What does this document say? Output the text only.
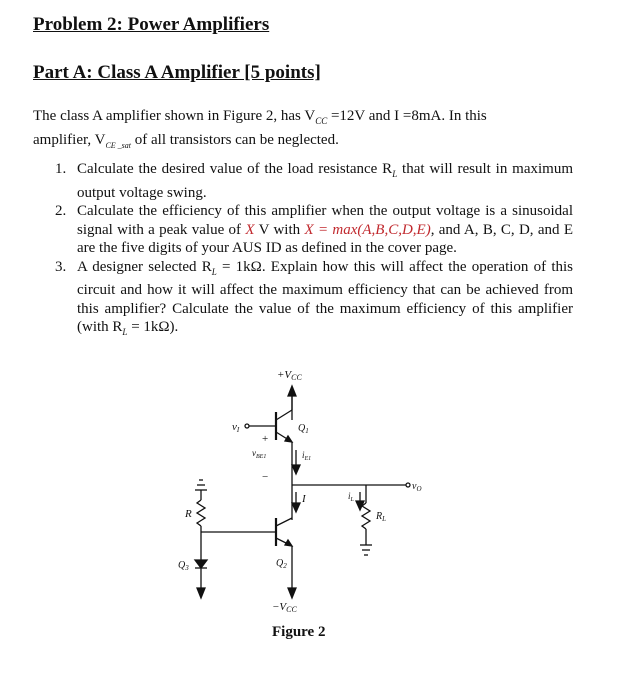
Problem 2: Power Amplifiers
Part A: Class A Amplifier [5 points]
The class A amplifier shown in Figure 2, has $V_{CC} =12V$ and I =8mA. In this
amplifier, $V_{CE \_sat}$ of all transistors can be neglected.
1. Calculate the desired value of the load resistance $R_L$ that will result in maximum output voltage swing.
2. Calculate the efficiency of this amplifier when the output voltage is a sinusoidal signal with a peak value of X V with X = max(A,B,C,D,E), and A, B, C, D, and E are the five digits of your AUS ID as defined in the cover page.
3. A designer selected $R_L = 1k\Omega$. Explain how this will affect the operation of this circuit and how it will affect the maximum efficiency that can be achieved from this amplifier? Calculate the value of the maximum efficiency of this amplifier (with $R_L = 1k\Omega$).
+VCC
−VCC
vI
+
−
$v_{BE1}$	$i_{E1}$
I	$i_L$
$v_O$
$Q_1$
$Q_2$
$Q_3$
R	$R_L$
Figure 2
